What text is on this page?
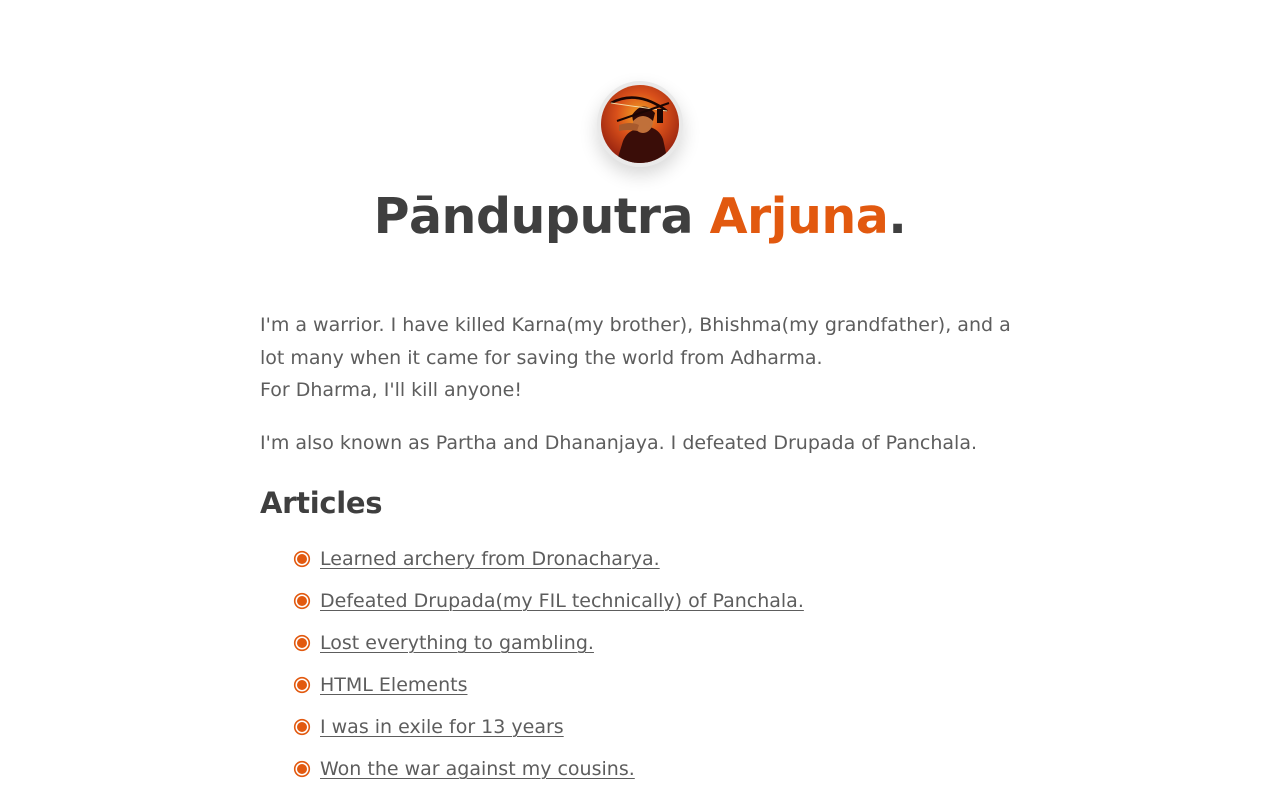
Pānduputra Arjuna.

I'm a warrior. I have killed Karna(my brother), Bhishma(my grandfather), and a lot many when it came for saving the world from Adharma.
For Dharma, I'll kill anyone!

I'm also known as Partha and Dhananjaya. I defeated Drupada of Panchala.

Articles
Learned archery from Dronacharya.
Defeated Drupada(my FIL technically) of Panchala.
Lost everything to gambling.
HTML Elements
I was in exile for 13 years
Won the war against my cousins.
